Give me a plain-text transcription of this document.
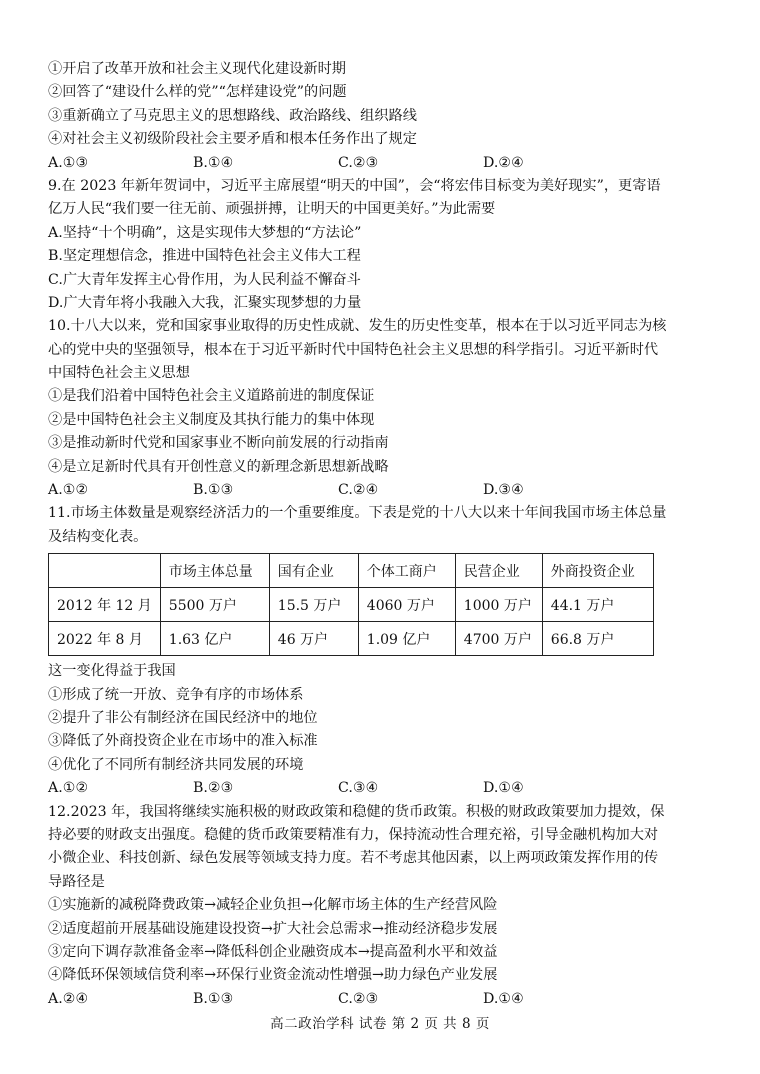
①开启了改革开放和社会主义现代化建设新时期
②回答了“建设什么样的党”“怎样建设党”的问题
③重新确立了马克思主义的思想路线、政治路线、组织路线
④对社会主义初级阶段社会主要矛盾和根本任务作出了规定
A.①③	B.①④	C.②③	D.②④
9.在 2023 年新年贺词中，习近平主席展望“明天的中国”，会“将宏伟目标变为美好现实”，更寄语
亿万人民“我们要一往无前、顽强拼搏，让明天的中国更美好。”为此需要
A.坚持“十个明确”，这是实现伟大梦想的“方法论”
B.坚定理想信念，推进中国特色社会主义伟大工程
C.广大青年发挥主心骨作用，为人民利益不懈奋斗
D.广大青年将小我融入大我，汇聚实现梦想的力量
10.十八大以来，党和国家事业取得的历史性成就、发生的历史性变革，根本在于以习近平同志为核
心的党中央的坚强领导，根本在于习近平新时代中国特色社会主义思想的科学指引。习近平新时代
中国特色社会主义思想
①是我们沿着中国特色社会主义道路前进的制度保证
②是中国特色社会主义制度及其执行能力的集中体现
③是推动新时代党和国家事业不断向前发展的行动指南
④是立足新时代具有开创性意义的新理念新思想新战略
A.①②	B.①③	C.②④	D.③④
11.市场主体数量是观察经济活力的一个重要维度。下表是党的十八大以来十年间我国市场主体总量
及结构变化表。
	市场主体总量	国有企业	个体工商户	民营企业	外商投资企业
2012 年 12 月	5500 万户	15.5 万户	4060 万户	1000 万户	44.1 万户
2022 年 8 月	1.63 亿户	46 万户	1.09 亿户	4700 万户	66.8 万户
这一变化得益于我国
①形成了统一开放、竞争有序的市场体系
②提升了非公有制经济在国民经济中的地位
③降低了外商投资企业在市场中的准入标准
④优化了不同所有制经济共同发展的环境
A.①②	B.②③	C.③④	D.①④
12.2023 年，我国将继续实施积极的财政政策和稳健的货币政策。积极的财政政策要加力提效，保
持必要的财政支出强度。稳健的货币政策要精准有力，保持流动性合理充裕，引导金融机构加大对
小微企业、科技创新、绿色发展等领域支持力度。若不考虑其他因素，以上两项政策发挥作用的传
导路径是
①实施新的减税降费政策→减轻企业负担→化解市场主体的生产经营风险
②适度超前开展基础设施建设投资→扩大社会总需求→推动经济稳步发展
③定向下调存款准备金率→降低科创企业融资成本→提高盈利水平和效益
④降低环保领域信贷利率→环保行业资金流动性增强→助力绿色产业发展
A.②④	B.①③	C.②③	D.①④
高二政治学科 试卷 第 2 页 共 8 页
